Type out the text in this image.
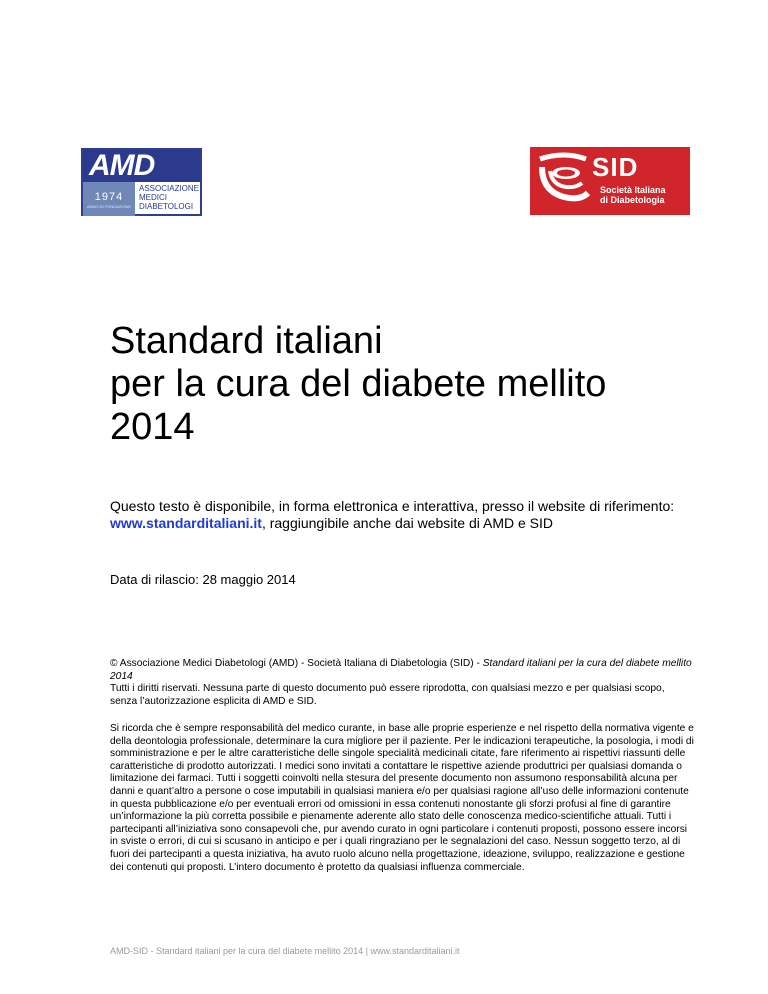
AMD
1974
ANNO DI FONDAZIONE
ASSOCIAZIONE
MEDICI
DIABETOLOGI
SID
Società Italiana
di Diabetologia
Standard italiani
per la cura del diabete mellito
2014
Questo testo è disponibile, in forma elettronica e interattiva, presso il website di riferimento: www.standarditaliani.it, raggiungibile anche dai website di AMD e SID
Data di rilascio: 28 maggio 2014
© Associazione Medici Diabetologi (AMD) - Società Italiana di Diabetologia (SID) - Standard italiani per la cura del diabete mellito 2014
Tutti i diritti riservati. Nessuna parte di questo documento può essere riprodotta, con qualsiasi mezzo e per qualsiasi scopo, senza l’autorizzazione esplicita di AMD e SID.
Si ricorda che è sempre responsabilità del medico curante, in base alle proprie esperienze e nel rispetto della normativa vigente e della deontologia professionale, determinare la cura migliore per il paziente. Per le indicazioni terapeutiche, la posologia, i modi di somministrazione e per le altre caratteristiche delle singole specialità medicinali citate, fare riferimento ai rispettivi riassunti delle caratteristiche di prodotto autorizzati. I medici sono invitati a contattare le rispettive aziende produttrici per qualsiasi domanda o limitazione dei farmaci. Tutti i soggetti coinvolti nella stesura del presente documento non assumono responsabilità alcuna per danni e quant’altro a persone o cose imputabili in qualsiasi maniera e/o per qualsiasi ragione all’uso delle informazioni contenute in questa pubblicazione e/o per eventuali errori od omissioni in essa contenuti nonostante gli sforzi profusi al fine di garantire un’informazione la più corretta possibile e pienamente aderente allo stato delle conoscenza medico-scientifiche attuali. Tutti i partecipanti all’iniziativa sono consapevoli che, pur avendo curato in ogni particolare i contenuti proposti, possono essere incorsi in sviste o errori, di cui si scusano in anticipo e per i quali ringraziano per le segnalazioni del caso. Nessun soggetto terzo, al di fuori dei partecipanti a questa iniziativa, ha avuto ruolo alcuno nella progettazione, ideazione, sviluppo, realizzazione e gestione dei contenuti qui proposti. L’intero documento è protetto da qualsiasi influenza commerciale.
AMD-SID - Standard italiani per la cura del diabete mellito 2014 | www.standarditaliani.it
